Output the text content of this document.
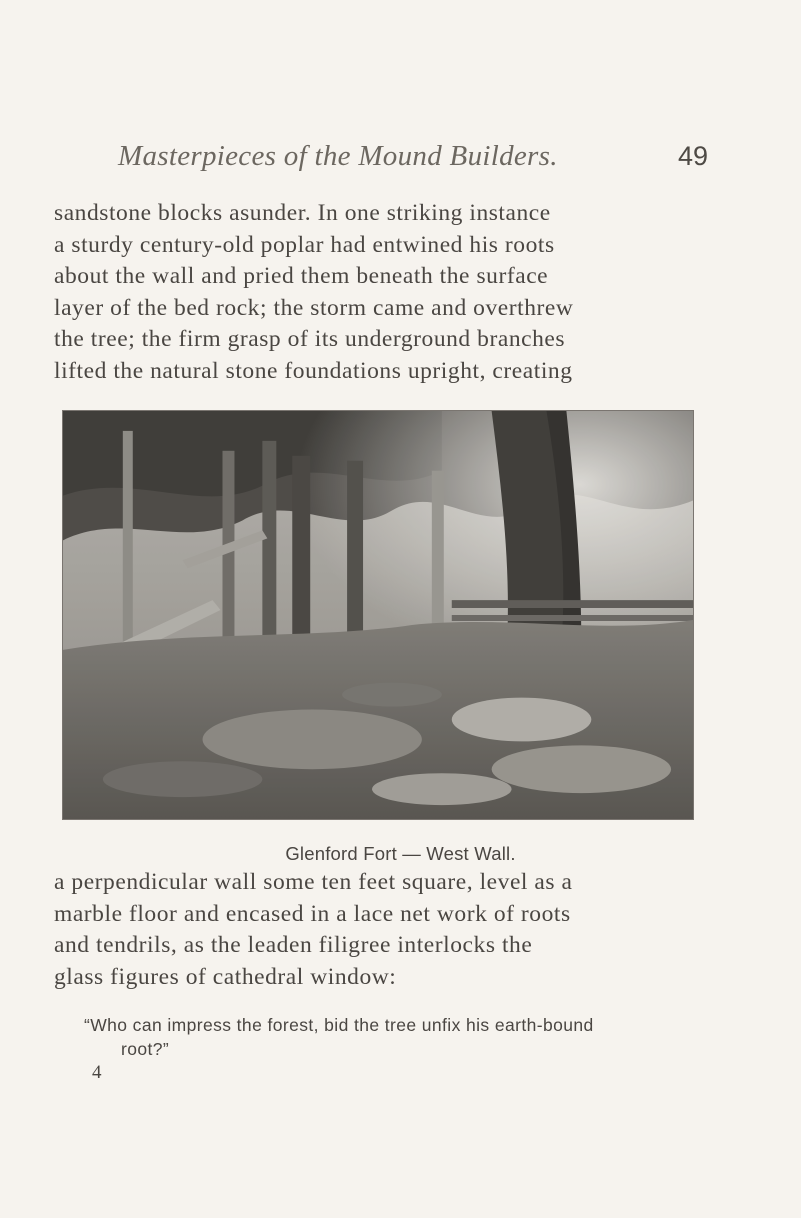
Masterpieces of the Mound Builders.	49
sandstone blocks asunder. In one striking instance
a sturdy century-old poplar had entwined his roots
about the wall and pried them beneath the surface
layer of the bed rock; the storm came and overthrew
the tree; the firm grasp of its underground branches
lifted the natural stone foundations upright, creating
Glenford Fort — West Wall.
a perpendicular wall some ten feet square, level as a
marble floor and encased in a lace net work of roots
and tendrils, as the leaden filigree interlocks the
glass figures of cathedral window:
“Who can impress the forest, bid the tree unfix his earth-bound
root?”
4
